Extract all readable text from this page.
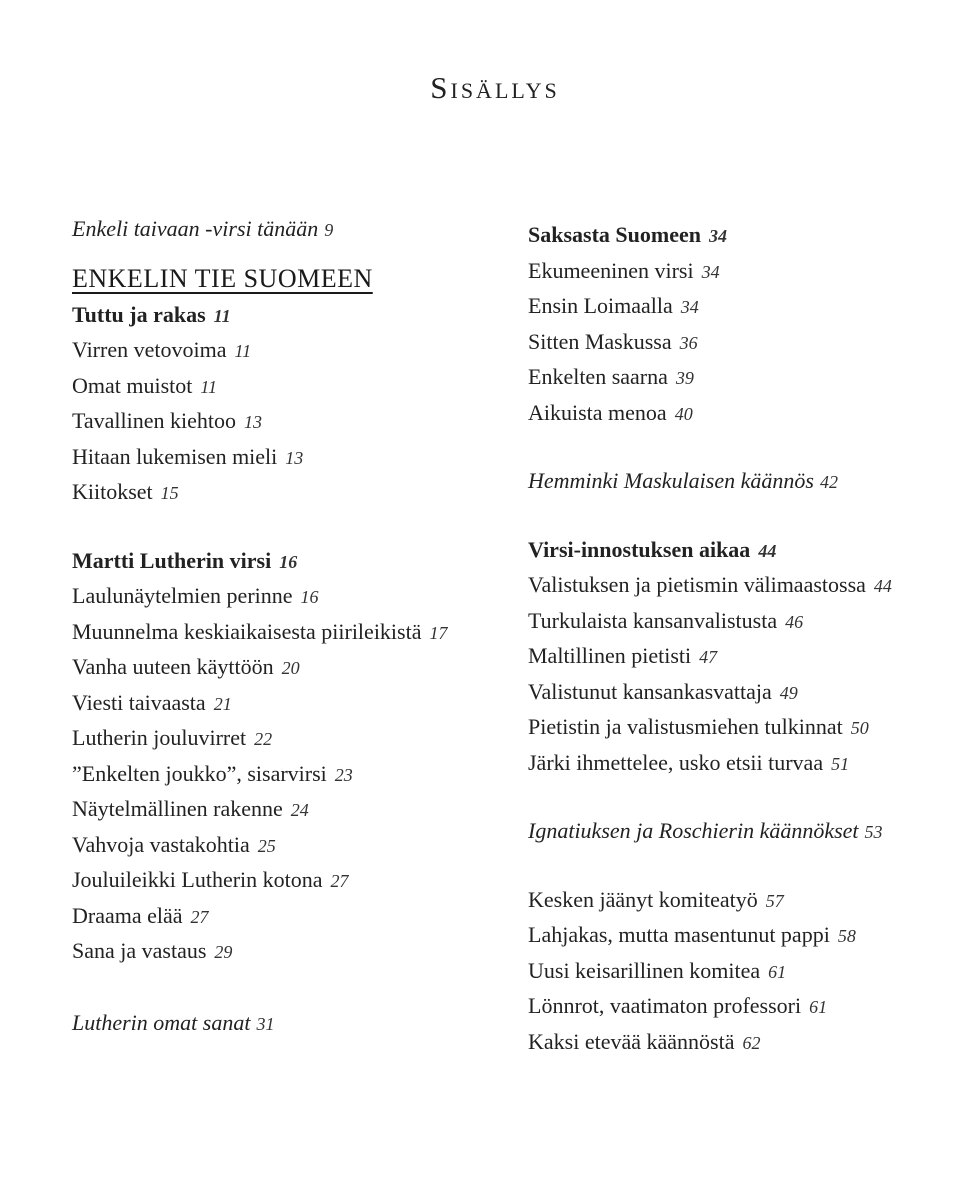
Sisällys
Enkeli taivaan -virsi tänään 9
ENKELIN TIE SUOMEEN
Tuttu ja rakas 11
Virren vetovoima 11
Omat muistot 11
Tavallinen kiehtoo 13
Hitaan lukemisen mieli 13
Kiitokset 15
Martti Lutherin virsi 16
Laulunäytelmien perinne 16
Muunnelma keskiaikaisesta piirileikistä 17
Vanha uuteen käyttöön 20
Viesti taivaasta 21
Lutherin jouluvirret 22
”Enkelten joukko”, sisarvirsi 23
Näytelmällinen rakenne 24
Vahvoja vastakohtia 25
Jouluileikki Lutherin kotona 27
Draama elää 27
Sana ja vastaus 29
Lutherin omat sanat 31
Saksasta Suomeen 34
Ekumeeninen virsi 34
Ensin Loimaalla 34
Sitten Maskussa 36
Enkelten saarna 39
Aikuista menoa 40
Hemminki Maskulaisen käännös 42
Virsi-innostuksen aikaa 44
Valistuksen ja pietismin välimaastossa 44
Turkulaista kansanvalistusta 46
Maltillinen pietisti 47
Valistunut kansankasvattaja 49
Pietistin ja valistusmiehen tulkinnat 50
Järki ihmettelee, usko etsii turvaa 51
Ignatiuksen ja Roschierin käännökset 53
Kesken jäänyt komiteatyö 57
Lahjakas, mutta masentunut pappi 58
Uusi keisarillinen komitea 61
Lönnrot, vaatimaton professori 61
Kaksi etevää käännöstä 62
